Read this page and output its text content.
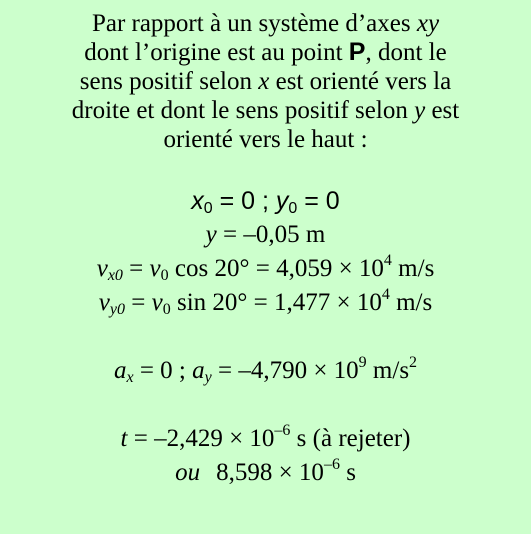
Par rapport à un système d’axes xy
dont l’origine est au point P, dont le
sens positif selon x est orienté vers la
droite et dont le sens positif selon y est
orienté vers le haut :
$x_0 = 0$ ; $y_0 = 0$
y = –0,05 m
$v_{x0} = v_0$ $\cos 20^\circ = 4,059 \times 10^4$ m/s
$v_{y0} = v_0$ $\sin 20^\circ = 1,477 \times 10^4$ m/s
$a_x = 0$ ; $a_y = -4,790 \times 10^9$ $m/s^2$
$t = -2,429 \times 10^{-6}$ s (à rejeter)
ou $8,598 \times 10^{-6}$ s
